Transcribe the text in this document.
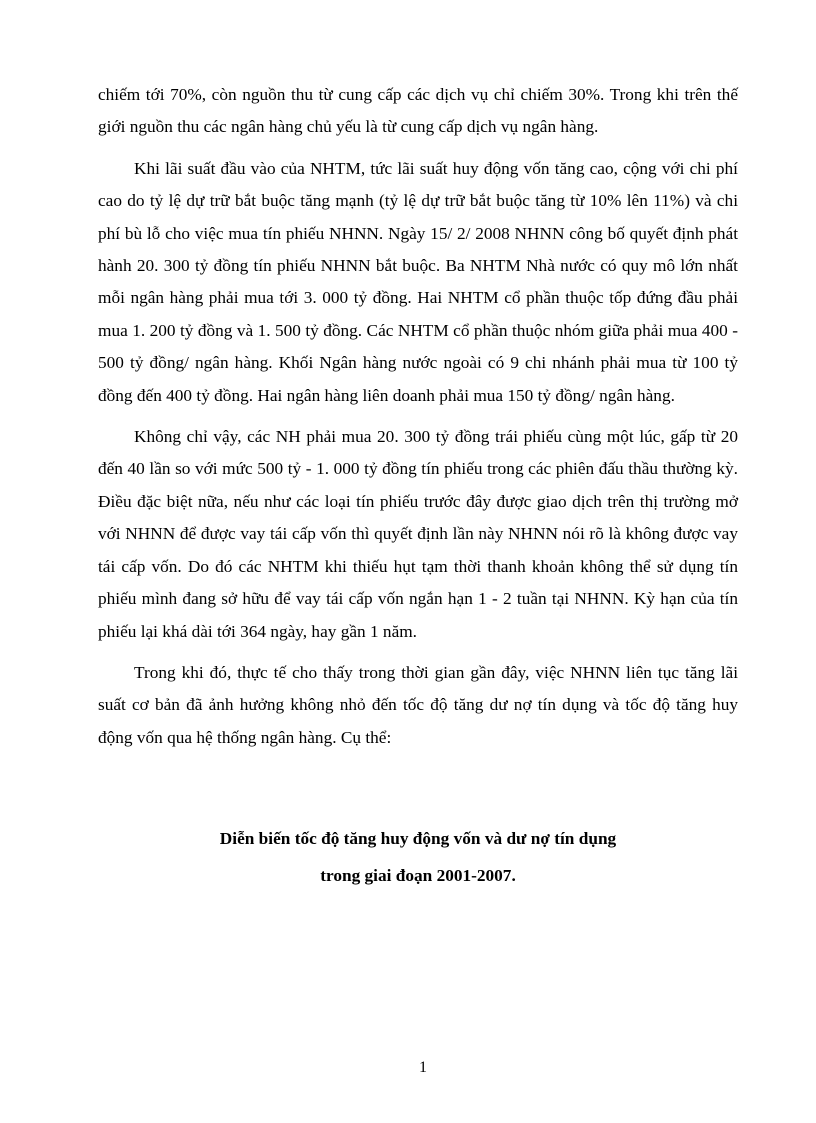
chiếm tới 70%, còn nguồn thu từ cung cấp các dịch vụ chỉ chiếm 30%. Trong khi trên thế giới nguồn thu các ngân hàng chủ yếu là từ cung cấp dịch vụ ngân hàng.

Khi lãi suất đầu vào của NHTM, tức lãi suất huy động vốn tăng cao, cộng với chi phí cao do tỷ lệ dự trữ bắt buộc tăng mạnh (tỷ lệ dự trữ bắt buộc tăng từ 10% lên 11%) và chi phí bù lỗ cho việc mua tín phiếu NHNN. Ngày 15/ 2/ 2008 NHNN công bố quyết định phát hành 20. 300 tỷ đồng tín phiếu NHNN bắt buộc. Ba NHTM Nhà nước có quy mô lớn nhất mỗi ngân hàng phải mua tới 3. 000 tỷ đồng. Hai NHTM cổ phần thuộc tốp đứng đầu phải mua 1. 200 tỷ đồng và 1. 500 tỷ đồng. Các NHTM cổ phần thuộc nhóm giữa phải mua 400 - 500 tỷ đồng/ ngân hàng. Khối Ngân hàng nước ngoài có 9 chi nhánh phải mua từ 100 tỷ đồng đến 400 tỷ đồng. Hai ngân hàng liên doanh phải mua 150 tỷ đồng/ ngân hàng.

Không chỉ vậy, các NH phải mua 20. 300 tỷ đồng trái phiếu cùng một lúc, gấp từ 20 đến 40 lần so với mức 500 tỷ - 1. 000 tỷ đồng tín phiếu trong các phiên đấu thầu thường kỳ. Điều đặc biệt nữa, nếu như các loại tín phiếu trước đây được giao dịch trên thị trường mở với NHNN để được vay tái cấp vốn thì quyết định lần này NHNN nói rõ là không được vay tái cấp vốn. Do đó các NHTM khi thiếu hụt tạm thời thanh khoản không thể sử dụng tín phiếu mình đang sở hữu để vay tái cấp vốn ngắn hạn 1 - 2 tuần tại NHNN. Kỳ hạn của tín phiếu lại khá dài tới 364 ngày, hay gần 1 năm.

Trong khi đó, thực tế cho thấy trong thời gian gần đây, việc NHNN liên tục tăng lãi suất cơ bản đã ảnh hưởng không nhỏ đến tốc độ tăng dư nợ tín dụng và tốc độ tăng huy động vốn qua hệ thống ngân hàng. Cụ thể:

Diễn biến tốc độ tăng huy động vốn và dư nợ tín dụng
trong giai đoạn 2001-2007.
1
